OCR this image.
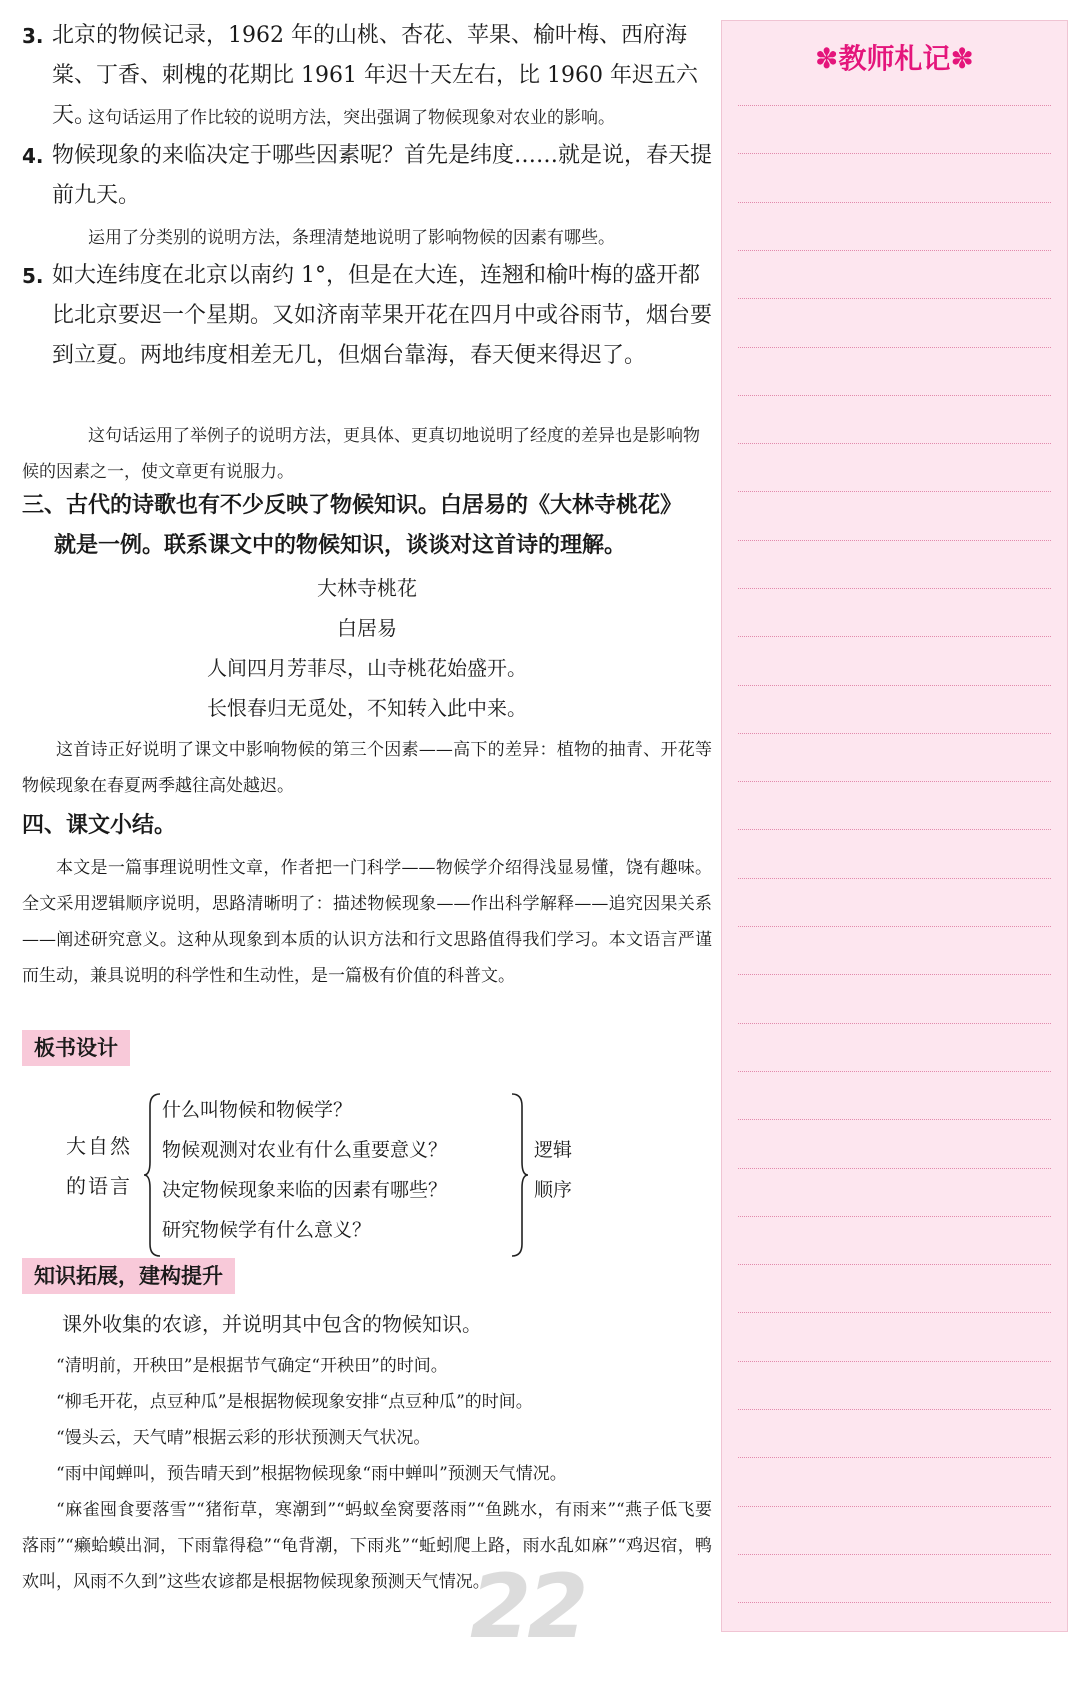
3. 北京的物候记录，1962 年的山桃、杏花、苹果、榆叶梅、西府海棠、丁香、刺槐的花期比 1961 年迟十天左右，比 1960 年迟五六天。
这句话运用了作比较的说明方法，突出强调了物候现象对农业的影响。
4. 物候现象的来临决定于哪些因素呢？首先是纬度……就是说，春天提前九天。
运用了分类别的说明方法，条理清楚地说明了影响物候的因素有哪些。
5. 如大连纬度在北京以南约 1°，但是在大连，连翘和榆叶梅的盛开都比北京要迟一个星期。又如济南苹果开花在四月中或谷雨节，烟台要到立夏。两地纬度相差无几，但烟台靠海，春天便来得迟了。
这句话运用了举例子的说明方法，更具体、更真切地说明了经度的差异也是影响物候的因素之一，使文章更有说服力。
三、古代的诗歌也有不少反映了物候知识。白居易的《大林寺桃花》
就是一例。联系课文中的物候知识，谈谈对这首诗的理解。
大林寺桃花
白居易
人间四月芳菲尽，山寺桃花始盛开。
长恨春归无觅处，不知转入此中来。
这首诗正好说明了课文中影响物候的第三个因素——高下的差异：植物的抽青、开花等物候现象在春夏两季越往高处越迟。
四、课文小结。
本文是一篇事理说明性文章，作者把一门科学——物候学介绍得浅显易懂，饶有趣味。全文采用逻辑顺序说明，思路清晰明了：描述物候现象——作出科学解释——追究因果关系——阐述研究意义。这种从现象到本质的认识方法和行文思路值得我们学习。本文语言严谨而生动，兼具说明的科学性和生动性，是一篇极有价值的科普文。
板书设计
大自然
的语言
什么叫物候和物候学？
物候观测对农业有什么重要意义？
决定物候现象来临的因素有哪些？
研究物候学有什么意义？
逻辑
顺序
知识拓展，建构提升
课外收集的农谚，并说明其中包含的物候知识。
“清明前，开秧田”是根据节气确定“开秧田”的时间。
“柳毛开花，点豆种瓜”是根据物候现象安排“点豆种瓜”的时间。
“馒头云，天气晴”根据云彩的形状预测天气状况。
“雨中闻蝉叫，预告晴天到”根据物候现象“雨中蝉叫”预测天气情况。
“麻雀囤食要落雪”“猪衔草，寒潮到”“蚂蚁垒窝要落雨”“鱼跳水，有雨来”“燕子低飞要落雨”“癞蛤蟆出洞，下雨靠得稳”“龟背潮，下雨兆”“蚯蚓爬上路，雨水乱如麻”“鸡迟宿，鸭欢叫，风雨不久到”这些农谚都是根据物候现象预测天气情况。
22
✽教师札记✽
